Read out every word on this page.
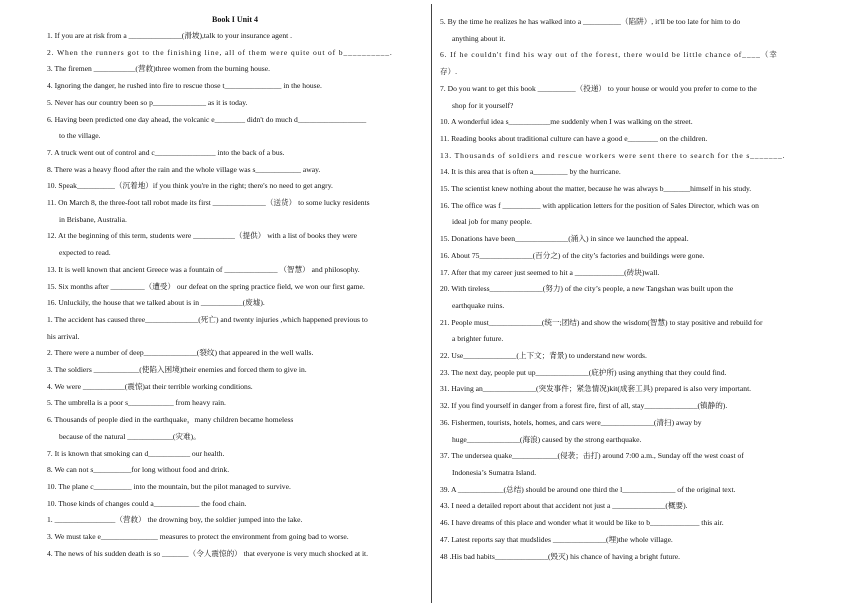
Book I Unit 4
1. If you are at risk from a ______________(滑坡),talk to your insurance agent .
2. When the runners got to the finishing line, all of them were quite out of b__________.
3. The firemen ___________(营救)three women from the burning house.
4. Ignoring the danger, he rushed into fire to rescue those t_______________ in the house.
5. Never has our country been so p______________ as it is today.
6. Having been predicted one day ahead, the volcanic e________ didn't do much d__________________
to the village.
7. A truck went out of control and c________________ into the back of a bus.
8. There was a heavy flood after the rain and the whole village was s____________ away.
10. Speak__________（沉着地）if you think you're in the right; there's no need to get angry.
11. On March 8, the three-foot tall robot made its first ______________（送货） to some lucky residents
in Brisbane, Australia.
12. At the beginning of this term, students were ___________（提供） with a list of books they were
expected to read.
13. It is well known that ancient Greece was a fountain of ______________ （智慧） and philosophy.
15. Six months after _________（遭受） our defeat on the spring practice field, we won our first game.
16. Unluckily, the house that we talked about is in ___________(废墟).
1. The accident has caused three______________(死亡) and twenty injuries ,which happened previous to
his arrival.
2. There were a number of deep______________(裂纹) that appeared in the well walls.
3. The soldiers ____________(使陷入困境)their enemies and forced them to give in.
4. We were ___________(震惊)at their terrible working conditions.
5. The umbrella is a poor s____________ from heavy rain.
6. Thousands of people died in the earthquake，many children became homeless
because of the natural ____________(灾难)。
7. It is known that smoking can d___________ our health.
8. We can not s__________for long without food and drink.
10. The plane c__________ into the mountain, but the pilot managed to survive.
10. Those kinds of changes could a____________ the food chain.
1. ________________（营救） the drowning boy, the soldier jumped into the lake.
3. We must take e_______________ measures to protect the environment from going bad to worse.
4. The news of his sudden death is so _______（令人震惊的） that everyone is very much shocked at it.
5. By the time he realizes he has walked into a __________（陷阱）, it'll be too late for him to do
anything about it.
6. If he couldn't find his way out of the forest, there would be little chance of____（幸
存）.
7. Do you want to get this book __________（投递） to your house or would you prefer to come to the
shop for it yourself?
10. A wonderful idea s___________me suddenly when I was walking on the street.
11. Reading books about traditional culture can have a good e________ on the children.
13. Thousands of soldiers and rescue workers were sent there to search for the s_______.
14. It is this area that is often a_________ by the hurricane.
15. The scientist knew nothing about the matter, because he was always b_______himself in his study.
16. The office was f __________ with application letters for the position of Sales Director, which was on
ideal job for many people.
15. Donations have been______________(涌入) in since we launched the appeal.
16. About 75______________(百分之) of the city’s factories and buildings were gone.
17. After that my career just seemed to hit a _____________(砖块)wall.
20. With tireless______________(努力) of the city’s people, a new Tangshan was built upon the
earthquake ruins.
21. People must______________(统一;团结) and show the wisdom(智慧) to stay positive and rebuild for
a brighter future.
22. Use______________(上下文；背景) to understand new words.
23. The next day, people put up______________(庇护所) using anything that they could find.
31. Having an______________(突发事件；紧急情况)kit(成套工具) prepared is also very important.
32. If you find yourself in danger from a forest fire, first of all, stay______________(镇静的).
36. Fishermen, tourists, hotels, homes, and cars were______________(清扫) away by
huge______________(海浪) caused by the strong earthquake.
37. The undersea quake____________(侵袭；击打) around 7:00 a.m., Sunday off the west coast of
Indonesia’s Sumatra Island.
39. A ____________(总结) should be around one third the l______________ of the original text.
43. I need a detailed report about that accident not just a ______________(概要).
46. I have dreams of this place and wonder what it would be like to b_____________ this air.
47. Latest reports say that mudslides ______________(埋)the whole village.
48 .His bad habits______________(毁灭) his chance of having a bright future.
